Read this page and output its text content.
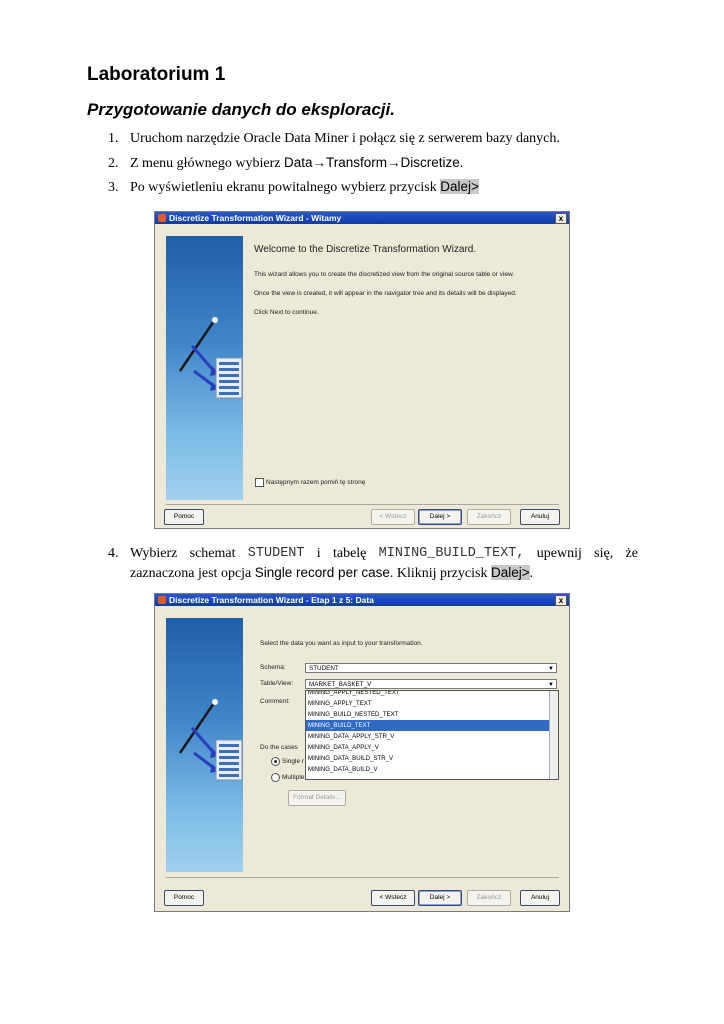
Laboratorium 1
Przygotowanie danych do eksploracji.
1. Uruchom narzędzie Oracle Data Miner i połącz się z serwerem bazy danych.
2. Z menu głównego wybierz Data→Transform→Discretize.
3. Po wyświetleniu ekranu powitalnego wybierz przycisk Dalej>
Discretize Transformation Wizard - Witamy	x
Welcome to the Discretize Transformation Wizard.
This wizard allows you to create the discretized view from the original source table or view.
Once the view is created, it will appear in the navigator tree and its details will be displayed.
Click Next to continue.
Następnym razem pomiń tę stronę
Pomoc	< Wstecz	Dalej >	Zakończ	Anuluj
4. Wybierz schemat STUDENT i tabelę MINING_BUILD_TEXT, upewnij się, że
zaznaczona jest opcja Single record per case. Kliknij przycisk Dalej>.
Discretize Transformation Wizard - Etap 1 z 5: Data	x
Select the data you want as input to your transformation.
Schema:	STUDENT	▼
Table/View:	MARKET_BASKET_V	▼
Comment:
MINING_APPLY_NESTED_TEXT
MINING_APPLY_TEXT
MINING_BUILD_NESTED_TEXT
MINING_BUILD_TEXT
MINING_DATA_APPLY_STR_V
MINING_DATA_APPLY_V
MINING_DATA_BUILD_STR_V
MINING_DATA_BUILD_V
Do the cases
Single r
Multiple
Format Details...
Pomoc	< Wstecz	Dalej >	Zakończ	Anuluj
